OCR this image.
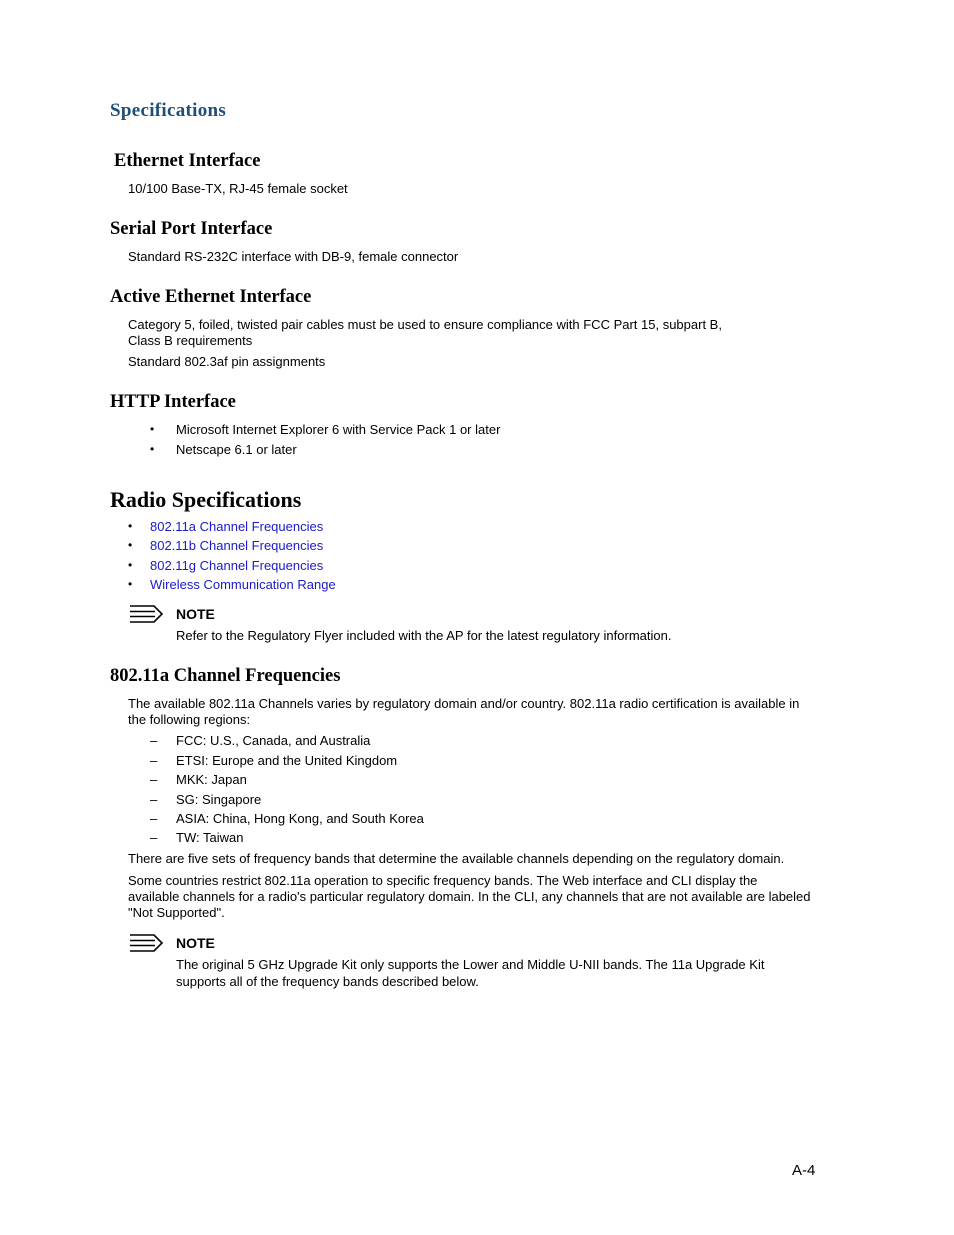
Specifications
Ethernet Interface
10/100 Base-TX, RJ-45 female socket
Serial Port Interface
Standard RS-232C interface with DB-9, female connector
Active Ethernet Interface
Category 5, foiled, twisted pair cables must be used to ensure compliance with FCC Part 15, subpart B,
Class B requirements
Standard 802.3af pin assignments
HTTP Interface
• Microsoft Internet Explorer 6 with Service Pack 1 or later
• Netscape 6.1 or later
Radio Specifications
• 802.11a Channel Frequencies
• 802.11b Channel Frequencies
• 802.11g Channel Frequencies
• Wireless Communication Range
NOTE
Refer to the Regulatory Flyer included with the AP for the latest regulatory information.
802.11a Channel Frequencies
The available 802.11a Channels varies by regulatory domain and/or country. 802.11a radio certification is available in
the following regions:
– FCC: U.S., Canada, and Australia
– ETSI: Europe and the United Kingdom
– MKK: Japan
– SG: Singapore
– ASIA: China, Hong Kong, and South Korea
– TW: Taiwan
There are five sets of frequency bands that determine the available channels depending on the regulatory domain.
Some countries restrict 802.11a operation to specific frequency bands. The Web interface and CLI display the
available channels for a radio's particular regulatory domain. In the CLI, any channels that are not available are labeled
"Not Supported".
NOTE
The original 5 GHz Upgrade Kit only supports the Lower and Middle U-NII bands. The 11a Upgrade Kit
supports all of the frequency bands described below.
A-4
